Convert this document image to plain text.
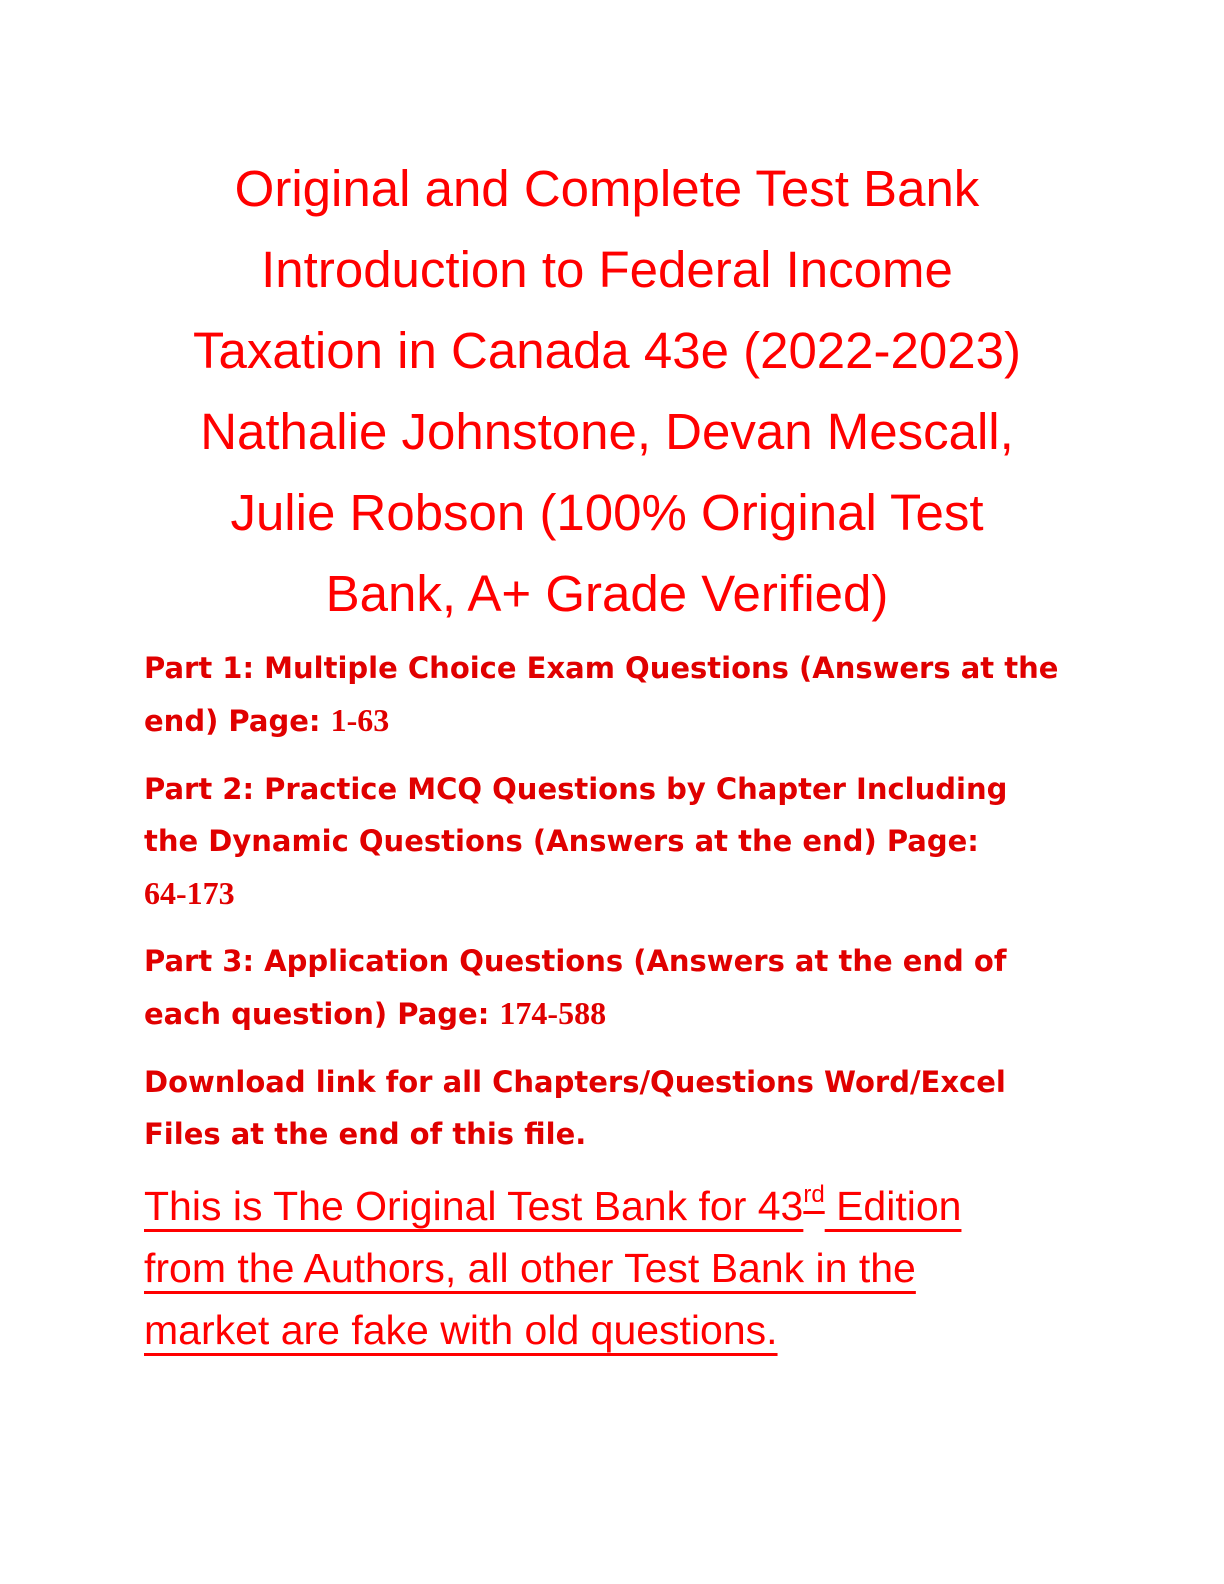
Original and Complete Test Bank
Introduction to Federal Income
Taxation in Canada 43e (2022-2023)
Nathalie Johnstone, Devan Mescall,
Julie Robson (100% Original Test
Bank, A+ Grade Verified)
Part 1: Multiple Choice Exam Questions (Answers at the
end) Page: 1-63
Part 2: Practice MCQ Questions by Chapter Including
the Dynamic Questions (Answers at the end) Page:
64-173
Part 3: Application Questions (Answers at the end of
each question) Page: 174-588
Download link for all Chapters/Questions Word/Excel
Files at the end of this file.
This is The Original Test Bank for 43rd Edition
from the Authors, all other Test Bank in the
market are fake with old questions.
